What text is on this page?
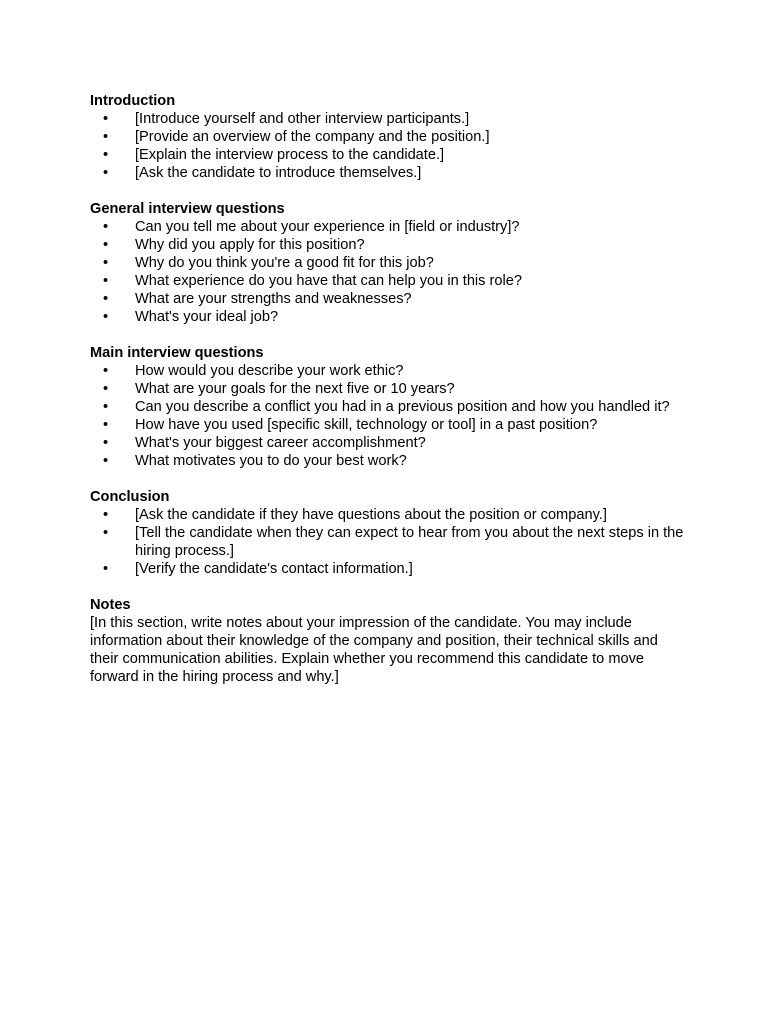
Introduction
• [Introduce yourself and other interview participants.]
• [Provide an overview of the company and the position.]
• [Explain the interview process to the candidate.]
• [Ask the candidate to introduce themselves.]
General interview questions
• Can you tell me about your experience in [field or industry]?
• Why did you apply for this position?
• Why do you think you're a good fit for this job?
• What experience do you have that can help you in this role?
• What are your strengths and weaknesses?
• What's your ideal job?
Main interview questions
• How would you describe your work ethic?
• What are your goals for the next five or 10 years?
• Can you describe a conflict you had in a previous position and how you handled it?
• How have you used [specific skill, technology or tool] in a past position?
• What's your biggest career accomplishment?
• What motivates you to do your best work?
Conclusion
• [Ask the candidate if they have questions about the position or company.]
• [Tell the candidate when they can expect to hear from you about the next steps in the hiring process.]
• [Verify the candidate's contact information.]
Notes
[In this section, write notes about your impression of the candidate. You may include information about their knowledge of the company and position, their technical skills and their communication abilities. Explain whether you recommend this candidate to move forward in the hiring process and why.]
